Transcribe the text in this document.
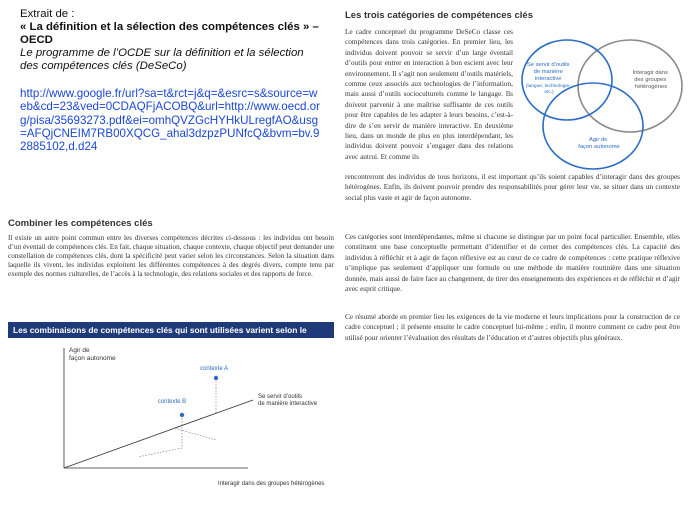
Extrait de :
« La définition et la sélection des compétences clés » – OECD
Le programme de l’OCDE sur la définition et la sélection des compétences clés (DeSeCo)
http://www.google.fr/url?sa=t&rct=j&q=&esrc=s&source=web&cd=23&ved=0CDAQFjACOBQ&url=http://www.oecd.org/pisa/35693273.pdf&ei=omhQVZGcHYHkULregfAO&usg=AFQjCNEIM7RB00XQCG_ahal3dzpzPUNfcQ&bvm=bv.92885102,d.d24
Combiner les compétences clés

Il existe un autre point commun entre les diverses compétences décrites ci-dessous : les individus ont besoin d’un éventail de compétences clés. En fait, chaque situation, chaque contexte, chaque objectif peut demander une constellation de compétences clés, dont la spécificité peut varier selon les circonstances. Selon la situation dans laquelle ils vivent, les individus exploitent les différentes compétences à des degrés divers, compte tenu par exemple des normes culturelles, de l’accès à la technologie, des relations sociales et des rapports de force.

Les combinaisons de compétences clés qui sont utilisées varient selon le contexte	Agir de façon autonome
Se servir d’outils de manière interactive
Interagir dans des groupes hétérogènes
contexte A
contexte B
Les trois catégories de compétences clés

Le cadre conceptuel du programme DeSeCo classe ces compétences dans trois catégories. En premier lieu, les individus doivent pouvoir se servir d’un large éventail d’outils pour entrer en interaction à bon escient avec leur environnement. Il s’agit non seulement d’outils matériels, comme ceux associés aux technologies de l’information, mais aussi d’outils socioculturels comme le langage. Ils doivent parvenir à une maîtrise suffisante de ces outils pour être capables de les adapter à leurs besoins, c’est-à-dire de s’en servir de manière interactive. En deuxième lieu, dans un monde de plus en plus interdépendant, les individus doivent pouvoir s’engager dans des relations avec autrui. Et comme ils

rencontreront des individus de tous horizons, il est important qu’ils soient capables d’interagir dans des groupes hétérogènes. Enfin, ils doivent pouvoir prendre des responsabilités pour gérer leur vie, se situer dans un contexte social plus vaste et agir de façon autonome.

Ces catégories sont interdépendantes, même si chacune se distingue par un point focal particulier. Ensemble, elles constituent une base conceptuelle permettant d’identifier et de cerner des compétences clés. La capacité des individus à réfléchir et à agir de façon réflexive est au cœur de ce cadre de compétences : cette pratique réflexive n’implique pas seulement d’appliquer une formule ou une méthode de manière routinière dans une situation donnée, mais aussi de faire face au changement, de tirer des enseignements des expériences et de réfléchir et d’agir avec esprit critique.

Ce résumé aborde en premier lieu les exigences de la vie moderne et leurs implications pour la construction de ce cadre conceptuel ; il présente ensuite le cadre conceptuel lui-même ; enfin, il montre comment ce cadre peut être utilisé pour orienter l’évaluation des résultats de l’éducation et d’autres objectifs plus généraux.

Se servir d’outils de manière interactive (langue, technologie, etc.)
Interagir dans des groupes hétérogènes
Agir de façon autonome
